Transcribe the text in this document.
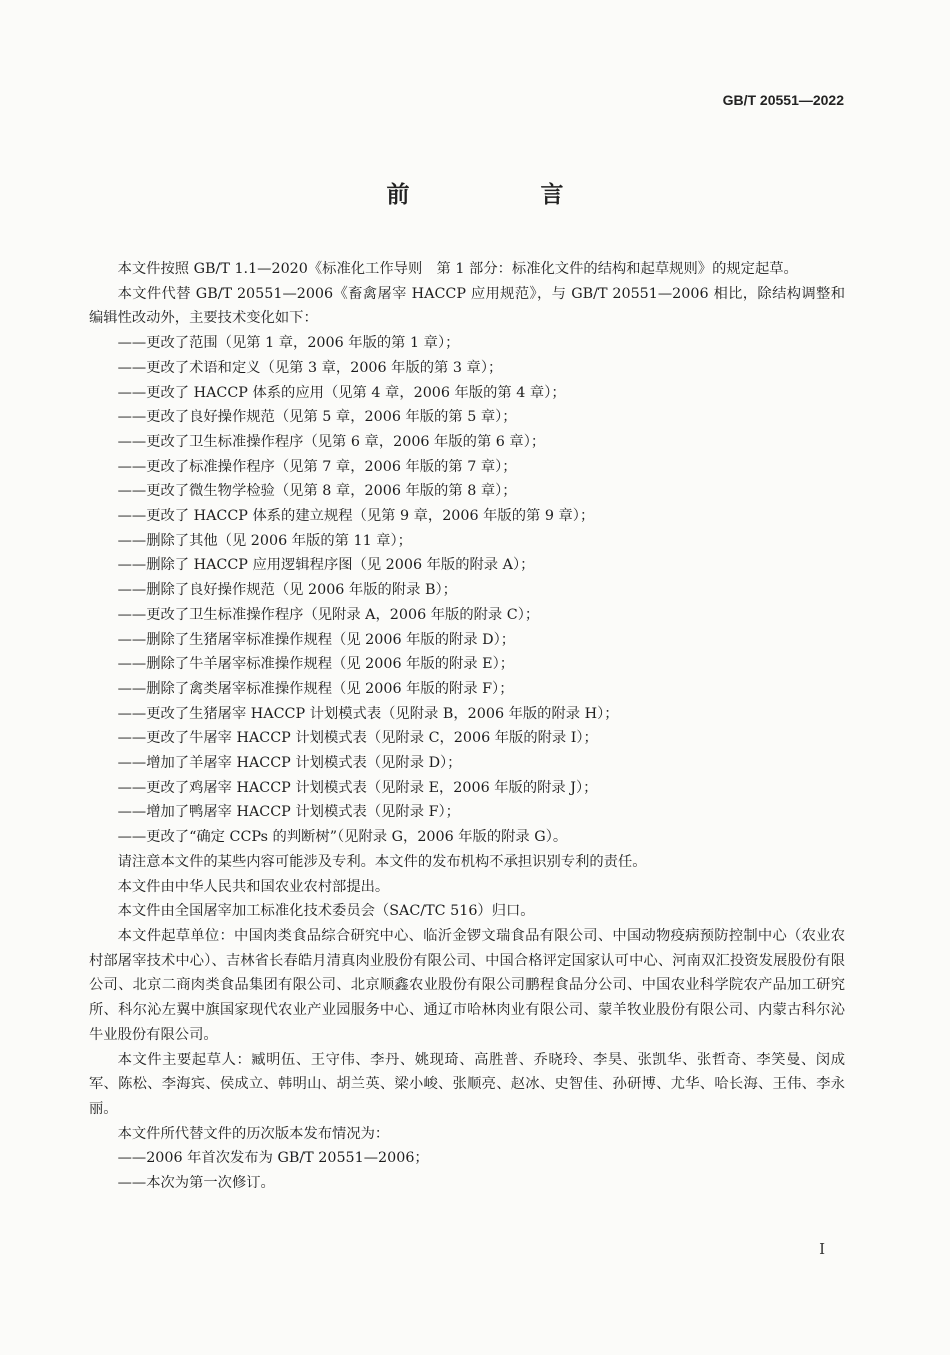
GB/T 20551—2022
前　言

本文件按照 GB/T 1.1—2020《标准化工作导则　第 1 部分：标准化文件的结构和起草规则》的规定起草。

本文件代替 GB/T 20551—2006《畜禽屠宰 HACCP 应用规范》，与 GB/T 20551—2006 相比，除结构调整和编辑性改动外，主要技术变化如下：

——更改了范围（见第 1 章，2006 年版的第 1 章）；

——更改了术语和定义（见第 3 章，2006 年版的第 3 章）；

——更改了 HACCP 体系的应用（见第 4 章，2006 年版的第 4 章）；

——更改了良好操作规范（见第 5 章，2006 年版的第 5 章）；

——更改了卫生标准操作程序（见第 6 章，2006 年版的第 6 章）；

——更改了标准操作程序（见第 7 章，2006 年版的第 7 章）；

——更改了微生物学检验（见第 8 章，2006 年版的第 8 章）；

——更改了 HACCP 体系的建立规程（见第 9 章，2006 年版的第 9 章）；

——删除了其他（见 2006 年版的第 11 章）；

——删除了 HACCP 应用逻辑程序图（见 2006 年版的附录 A）；

——删除了良好操作规范（见 2006 年版的附录 B）；

——更改了卫生标准操作程序（见附录 A，2006 年版的附录 C）；

——删除了生猪屠宰标准操作规程（见 2006 年版的附录 D）；

——删除了牛羊屠宰标准操作规程（见 2006 年版的附录 E）；

——删除了禽类屠宰标准操作规程（见 2006 年版的附录 F）；

——更改了生猪屠宰 HACCP 计划模式表（见附录 B，2006 年版的附录 H）；

——更改了牛屠宰 HACCP 计划模式表（见附录 C，2006 年版的附录 I）；

——增加了羊屠宰 HACCP 计划模式表（见附录 D）；

——更改了鸡屠宰 HACCP 计划模式表（见附录 E，2006 年版的附录 J）；

——增加了鸭屠宰 HACCP 计划模式表（见附录 F）；

——更改了“确定 CCPs 的判断树”（见附录 G，2006 年版的附录 G）。

请注意本文件的某些内容可能涉及专利。本文件的发布机构不承担识别专利的责任。

本文件由中华人民共和国农业农村部提出。

本文件由全国屠宰加工标准化技术委员会（SAC/TC 516）归口。

本文件起草单位：中国肉类食品综合研究中心、临沂金锣文瑞食品有限公司、中国动物疫病预防控制中心（农业农村部屠宰技术中心）、吉林省长春皓月清真肉业股份有限公司、中国合格评定国家认可中心、河南双汇投资发展股份有限公司、北京二商肉类食品集团有限公司、北京顺鑫农业股份有限公司鹏程食品分公司、中国农业科学院农产品加工研究所、科尔沁左翼中旗国家现代农业产业园服务中心、通辽市哈林肉业有限公司、蒙羊牧业股份有限公司、内蒙古科尔沁牛业股份有限公司。

本文件主要起草人：臧明伍、王守伟、李丹、姚现琦、高胜普、乔晓玲、李昊、张凯华、张哲奇、李笑曼、闵成军、陈松、李海宾、侯成立、韩明山、胡兰英、梁小峻、张顺亮、赵冰、史智佳、孙研博、尤华、哈长海、王伟、李永丽。

本文件所代替文件的历次版本发布情况为：

——2006 年首次发布为 GB/T 20551—2006；

——本次为第一次修订。

I
